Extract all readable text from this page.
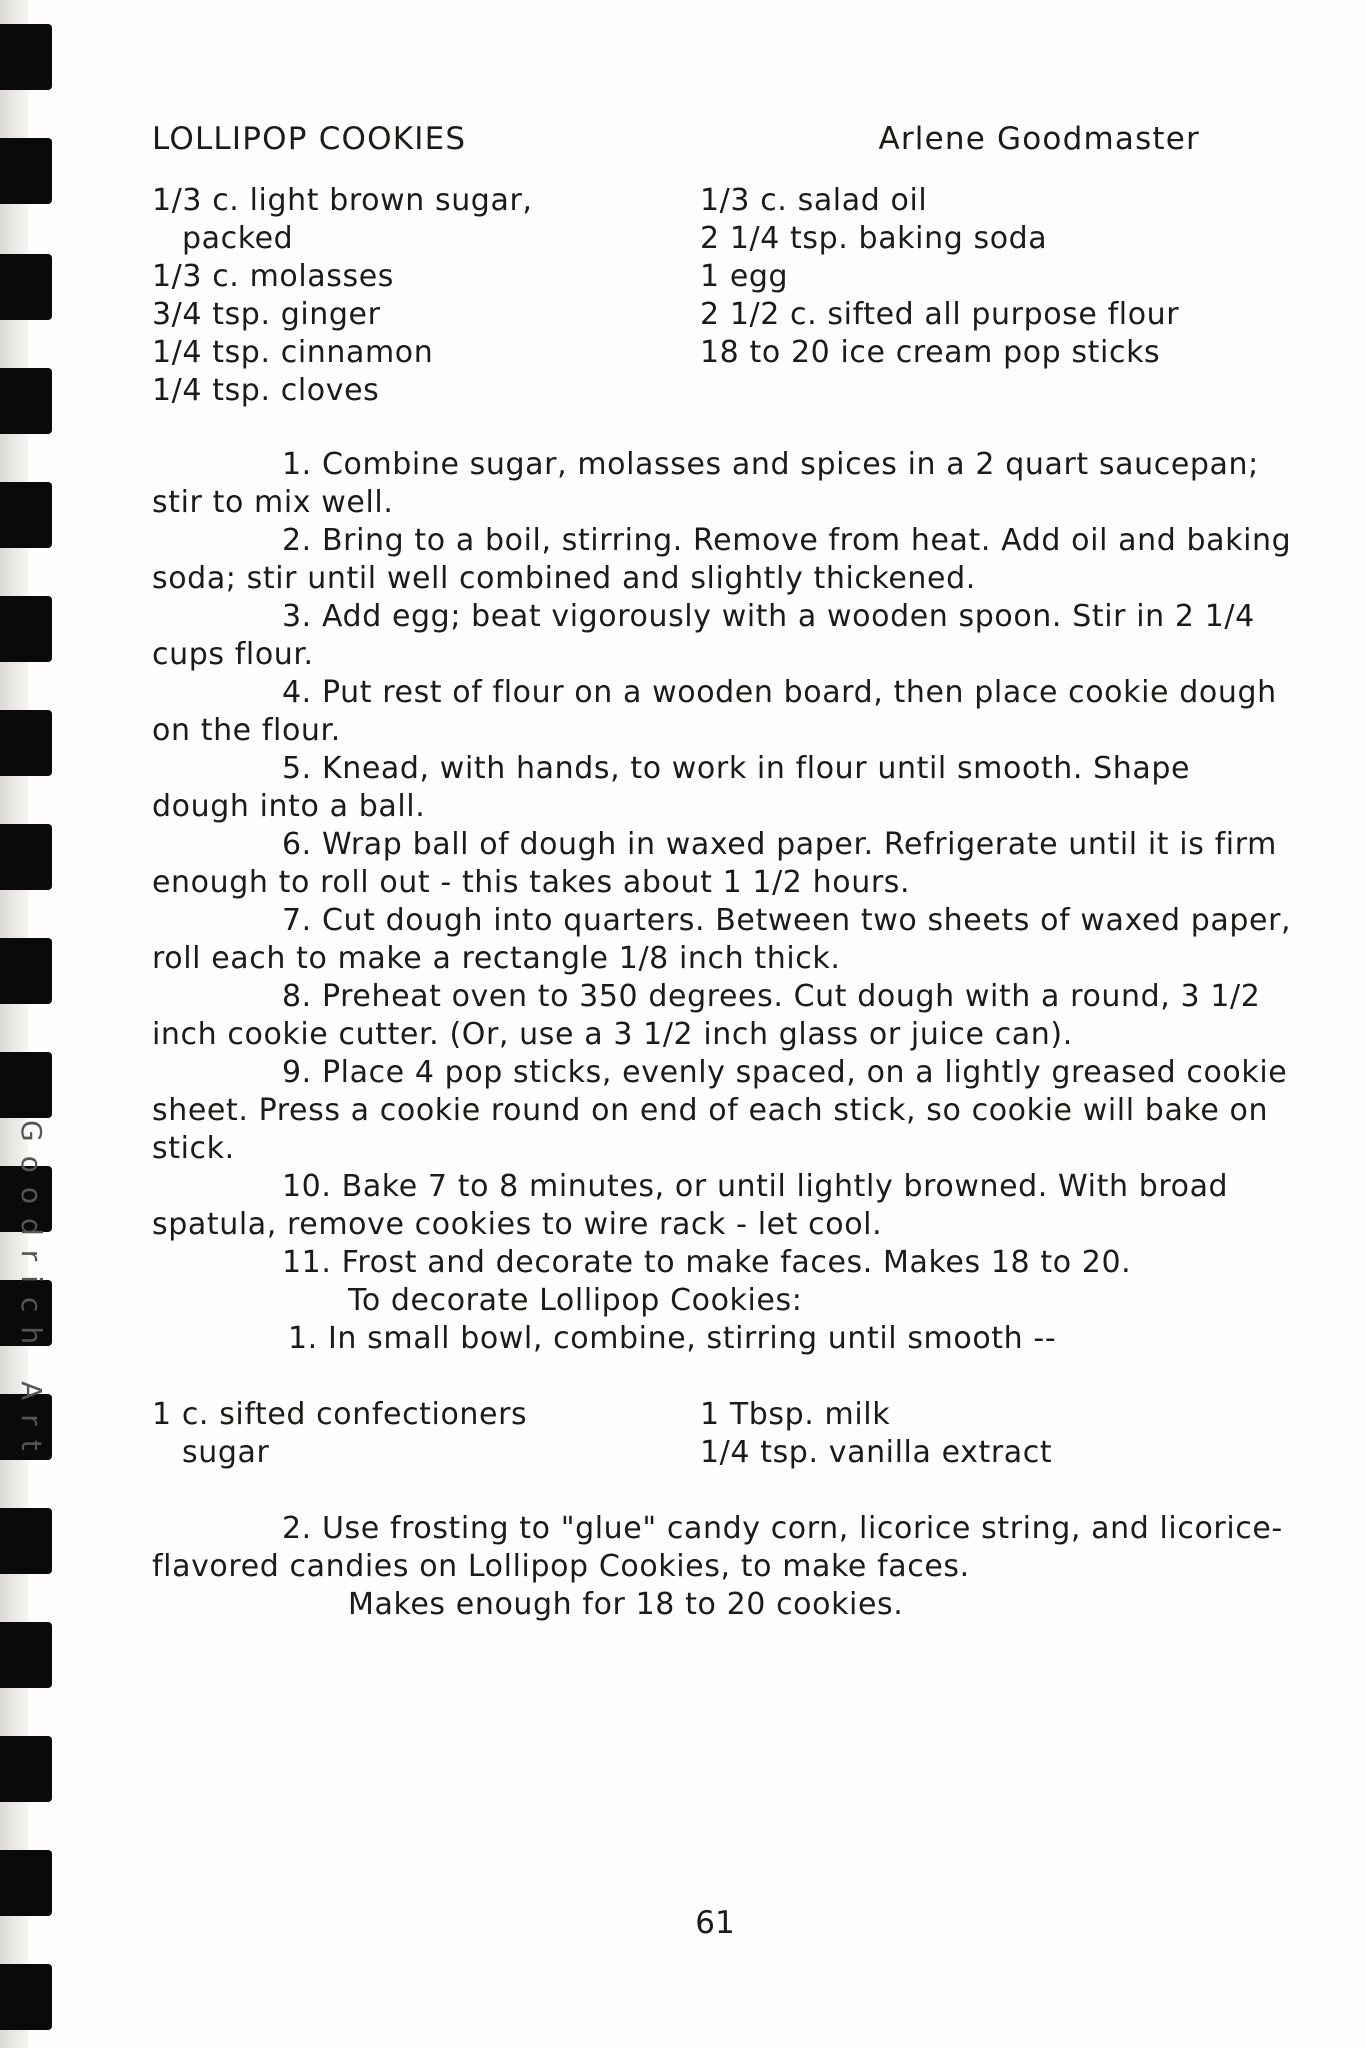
Goodrich Art
LOLLIPOP COOKIES	Arlene Goodmaster
1/3 c. light brown sugar,
packed
1/3 c. molasses
3/4 tsp. ginger
1/4 tsp. cinnamon
1/4 tsp. cloves
1/3 c. salad oil
2 1/4 tsp. baking soda
1 egg
2 1/2 c. sifted all purpose flour
18 to 20 ice cream pop sticks

1. Combine sugar, molasses and spices in a 2 quart saucepan; stir to mix well.

2. Bring to a boil, stirring. Remove from heat. Add oil and baking soda; stir until well combined and slightly thickened.

3. Add egg; beat vigorously with a wooden spoon. Stir in 2 1/4 cups flour.

4. Put rest of flour on a wooden board, then place cookie dough on the flour.

5. Knead, with hands, to work in flour until smooth. Shape dough into a ball.

6. Wrap ball of dough in waxed paper. Refrigerate until it is firm enough to roll out - this takes about 1 1/2 hours.

7. Cut dough into quarters. Between two sheets of waxed paper, roll each to make a rectangle 1/8 inch thick.

8. Preheat oven to 350 degrees. Cut dough with a round, 3 1/2 inch cookie cutter. (Or, use a 3 1/2 inch glass or juice can).

9. Place 4 pop sticks, evenly spaced, on a lightly greased cookie sheet. Press a cookie round on end of each stick, so cookie will bake on stick.

10. Bake 7 to 8 minutes, or until lightly browned. With broad spatula, remove cookies to wire rack - let cool.

11. Frost and decorate to make faces. Makes 18 to 20.

To decorate Lollipop Cookies:
1. In small bowl, combine, stirring until smooth --
1 c. sifted confectioners
sugar
1 Tbsp. milk
1/4 tsp. vanilla extract

2. Use frosting to "glue" candy corn, licorice string, and licorice-flavored candies on Lollipop Cookies, to make faces.

Makes enough for 18 to 20 cookies.
61
